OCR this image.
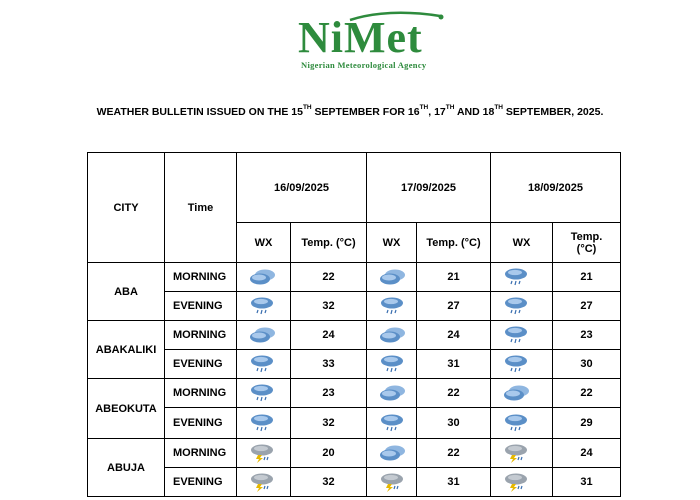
NiMet
Nigerian Meteorological Agency
WEATHER BULLETIN ISSUED ON THE 15TH SEPTEMBER FOR 16TH, 17TH AND 18TH SEPTEMBER, 2025.
CITY	Time	16/09/2025		17/09/2025		18/09/2025	
		WX	Temp. (°C)	WX	Temp. (°C)	WX	Temp.
(°C)
ABA	MORNING		22		21		21
	EVENING		32		27		27
ABAKALIKI	MORNING		24		24		23
	EVENING		33		31		30
ABEOKUTA	MORNING		23		22		22
	EVENING		32		30		29
ABUJA	MORNING		20		22		24
	EVENING		32		31		31
